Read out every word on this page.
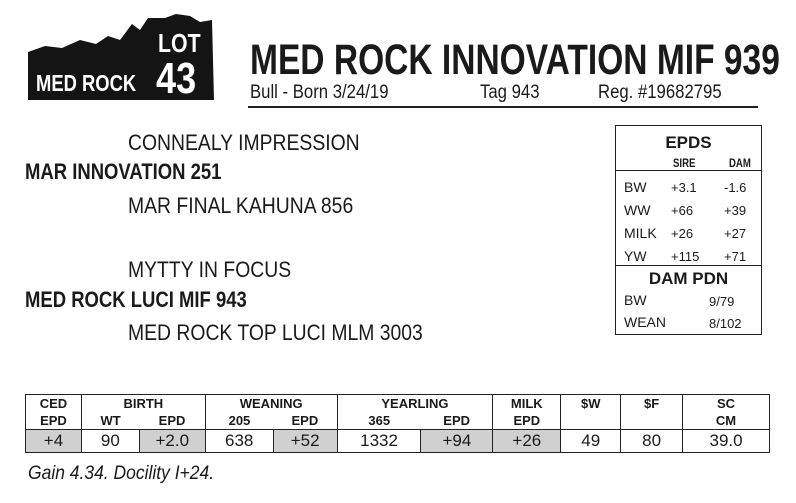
LOT
43
MED ROCK	MED ROCK INNOVATION MIF 939
Bull - Born 3/24/19	Tag 943	Reg. #19682795
CONNEALY IMPRESSION
MAR INNOVATION 251
MAR FINAL KAHUNA 856
MYTTY IN FOCUS
MED ROCK LUCI MIF 943
MED ROCK TOP LUCI MLM 3003
EPDS
SIRE	DAM
BW +3.1 -1.6
WW +66 +39
MILK +26 +27
YW +115 +71
DAM PDN
BW	9/79
WEAN	8/102
CED	BIRTH		WEANING		YEARLING		MILK	$W	$F	SC
EPD	WT	EPD	205	EPD	365	EPD	EPD			CM
+4	90	+2.0	638	+52	1332	+94	+26	49	80	39.0
Gain 4.34. Docility I+24.
